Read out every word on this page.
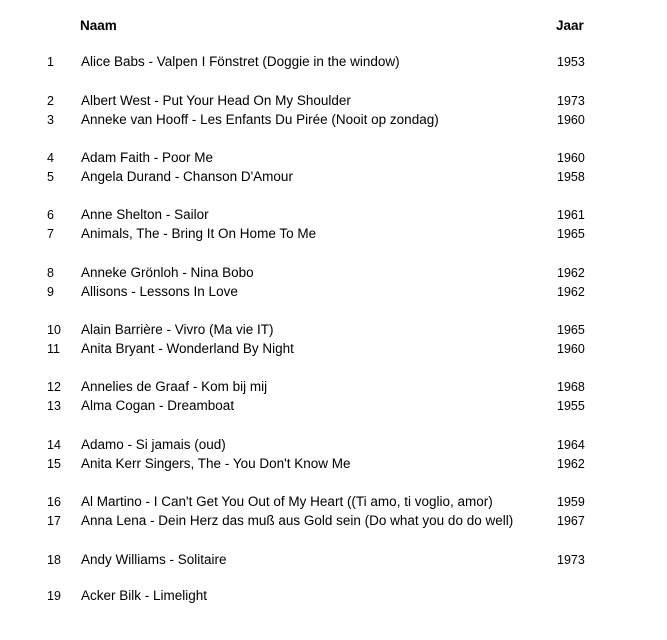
Naam	Jaar
1 Alice Babs - Valpen I Fönstret (Doggie in the window)	1953
2 Albert West - Put Your Head On My Shoulder	1973
3 Anneke van Hooff - Les Enfants Du Pirée (Nooit op zondag)	1960
4 Adam Faith - Poor Me	1960
5 Angela Durand - Chanson D'Amour	1958
6 Anne Shelton - Sailor	1961
7 Animals, The - Bring It On Home To Me	1965
8 Anneke Grönloh - Nina Bobo	1962
9 Allisons - Lessons In Love	1962
10 Alain Barrière - Vivro (Ma vie IT)	1965
11 Anita Bryant - Wonderland By Night	1960
12 Annelies de Graaf - Kom bij mij	1968
13 Alma Cogan - Dreamboat	1955
14 Adamo - Si jamais (oud)	1964
15 Anita Kerr Singers, The - You Don't Know Me	1962
16 Al Martino - I Can't Get You Out of My Heart ((Ti amo, ti voglio, amor)	1959
17 Anna Lena - Dein Herz das muß aus Gold sein (Do what you do do well)	1967
18 Andy Williams - Solitaire	1973
19 Acker Bilk - Limelight
